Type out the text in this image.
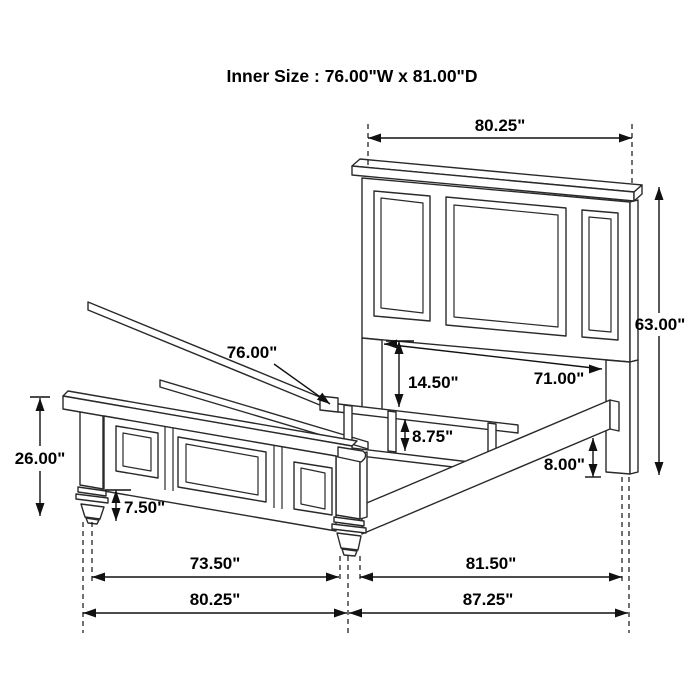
Inner Size : 76.00"W x 81.00"D
80.25"
63.00"
76.00"
71.00"
14.50"
8.75"
8.00"
26.00"
7.50"
73.50"	81.50"
80.25"	87.25"
